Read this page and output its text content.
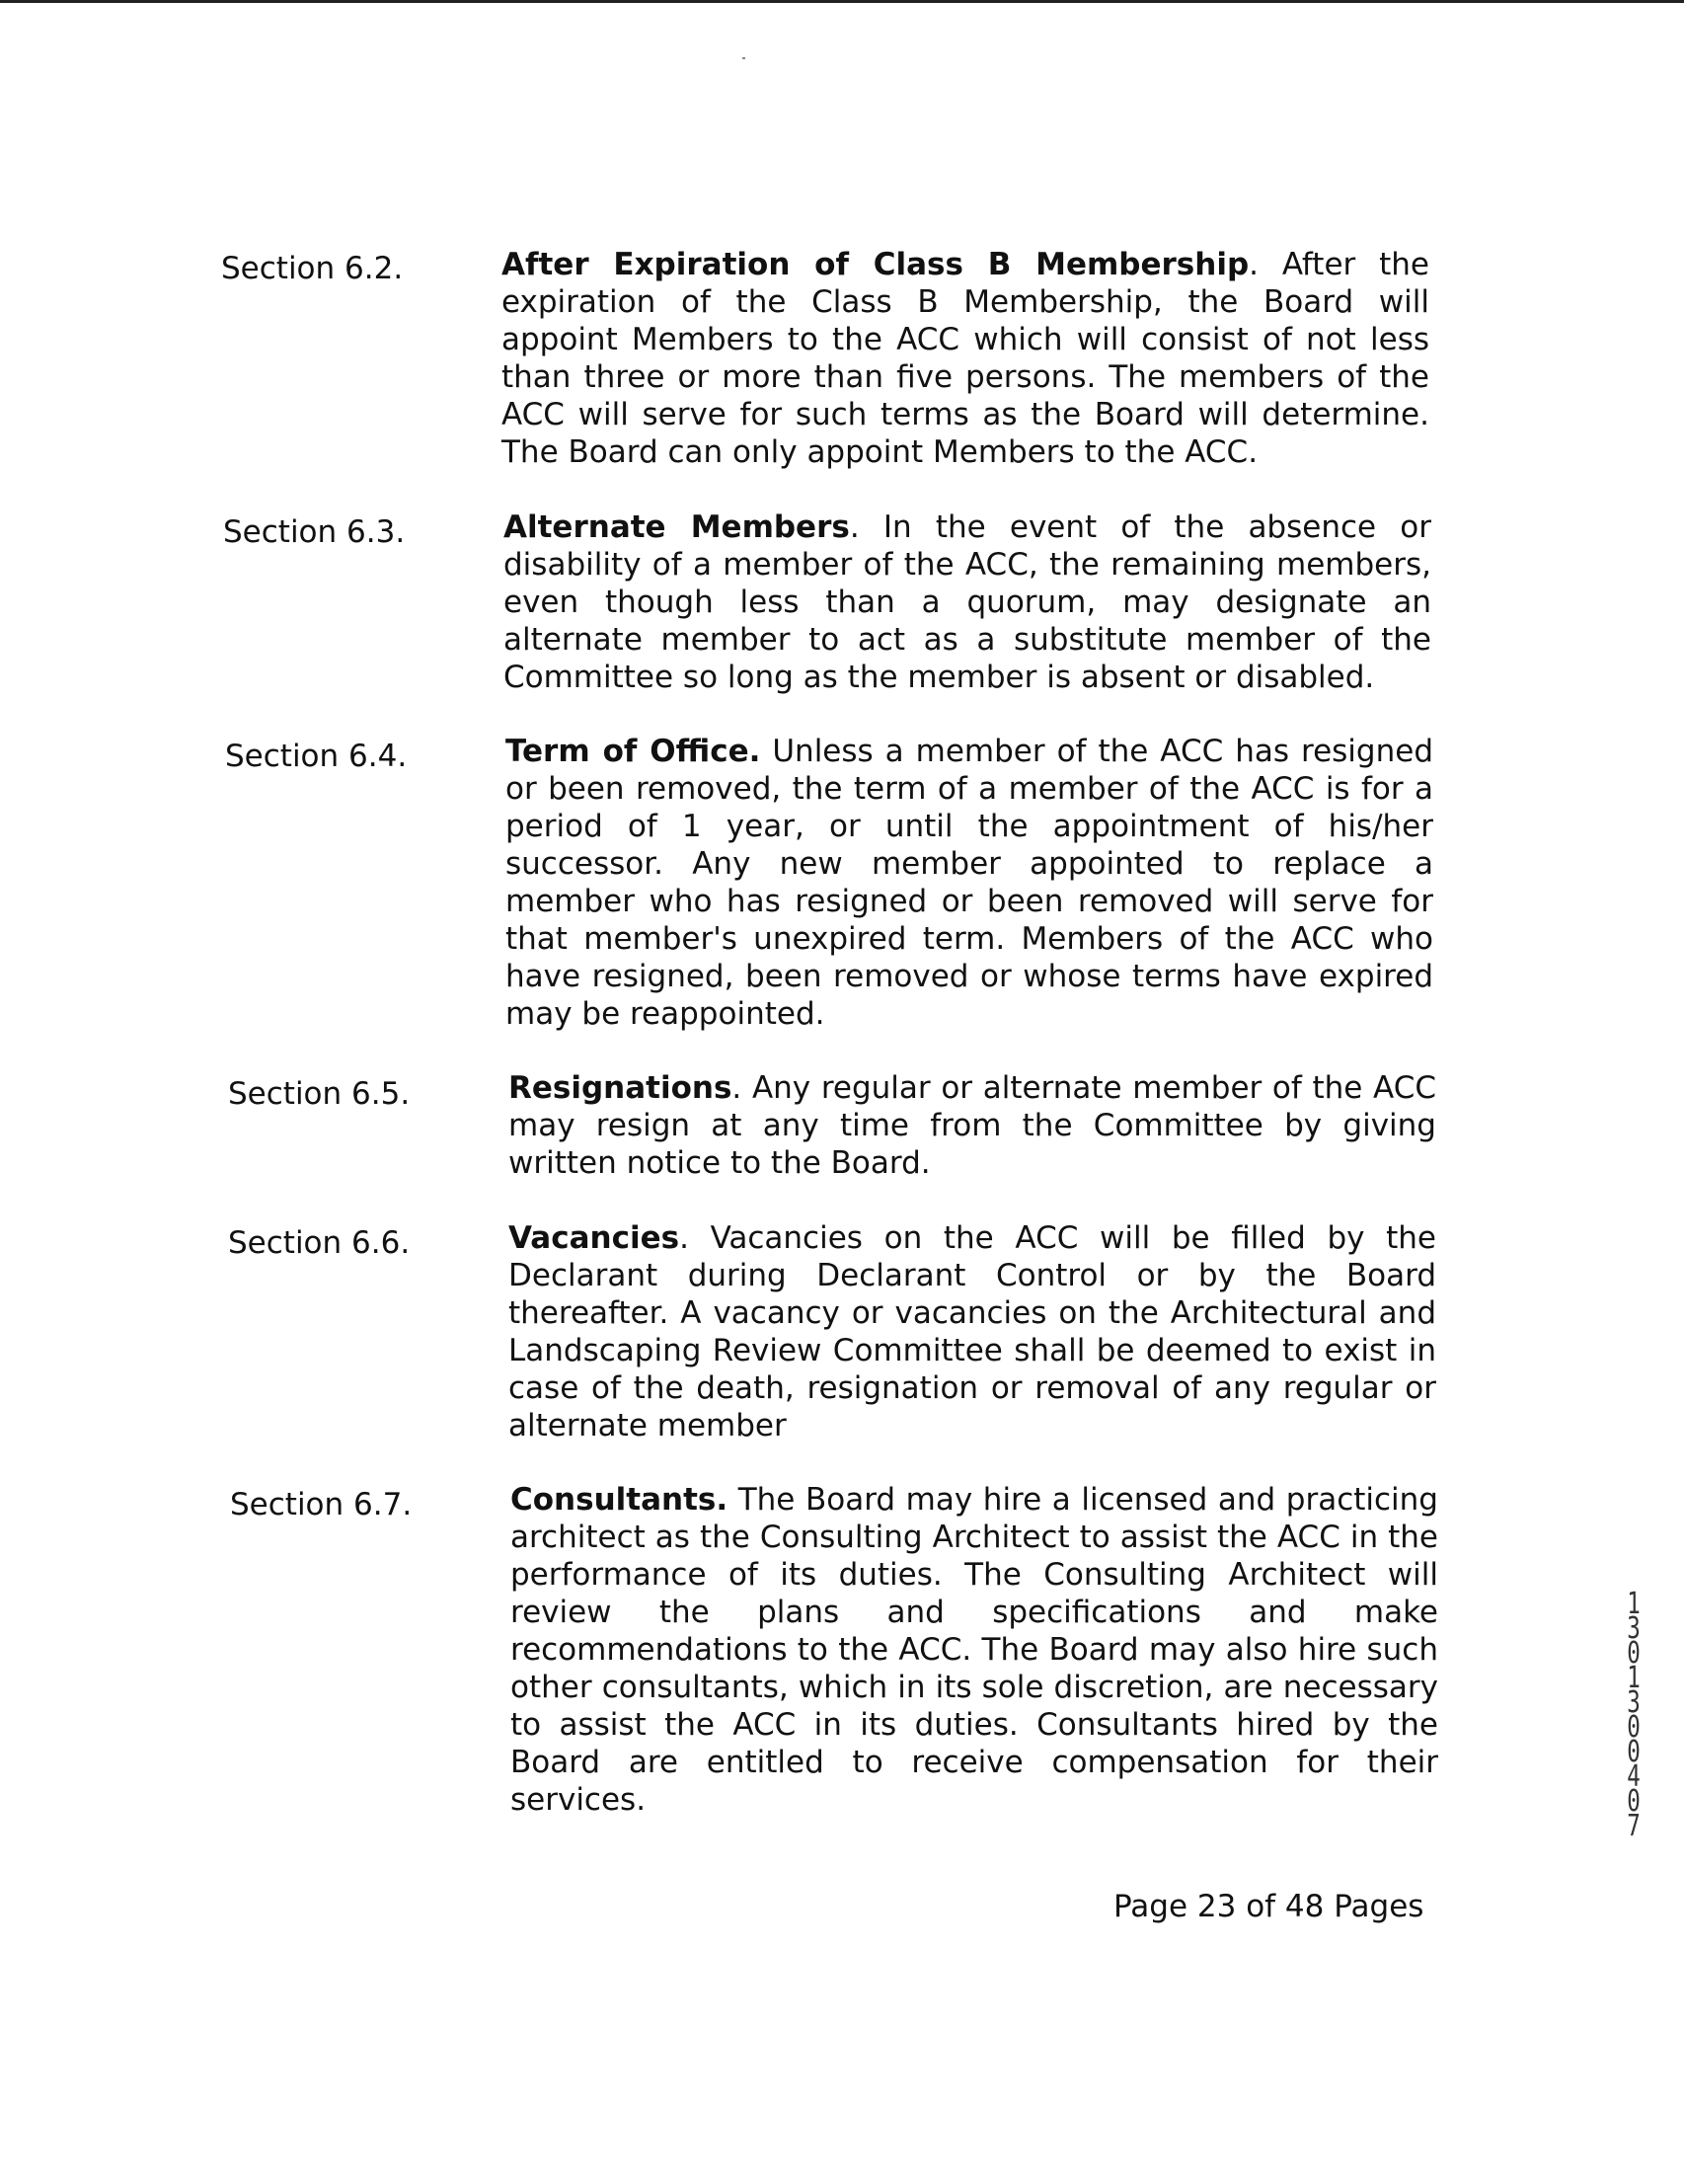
Section 6.2.	After Expiration of Class B Membership. After the expiration of the Class B Membership, the Board will appoint Members to the ACC which will consist of not less than three or more than five persons. The members of the ACC will serve for such terms as the Board will determine. The Board can only appoint Members to the ACC.
Section 6.3.	Alternate Members. In the event of the absence or disability of a member of the ACC, the remaining members, even though less than a quorum, may designate an alternate member to act as a substitute member of the Committee so long as the member is absent or disabled.
Section 6.4.	Term of Office. Unless a member of the ACC has resigned or been removed, the term of a member of the ACC is for a period of 1 year, or until the appointment of his/her successor. Any new member appointed to replace a member who has resigned or been removed will serve for that member's unexpired term. Members of the ACC who have resigned, been removed or whose terms have expired may be reappointed.
Section 6.5.	Resignations. Any regular or alternate member of the ACC may resign at any time from the Committee by giving written notice to the Board.
Section 6.6.	Vacancies. Vacancies on the ACC will be filled by the Declarant during Declarant Control or by the Board thereafter. A vacancy or vacancies on the Architectural and Landscaping Review Committee shall be deemed to exist in case of the death, resignation or removal of any regular or alternate member
Section 6.7.	Consultants. The Board may hire a licensed and practicing architect as the Consulting Architect to assist the ACC in the performance of its duties. The Consulting Architect will review the plans and specifications and make recommendations to the ACC. The Board may also hire such other consultants, which in its sole discretion, are necessary to assist the ACC in its duties. Consultants hired by the Board are entitled to receive compensation for their services.
Page 23 of 48 Pages
13013 00407
